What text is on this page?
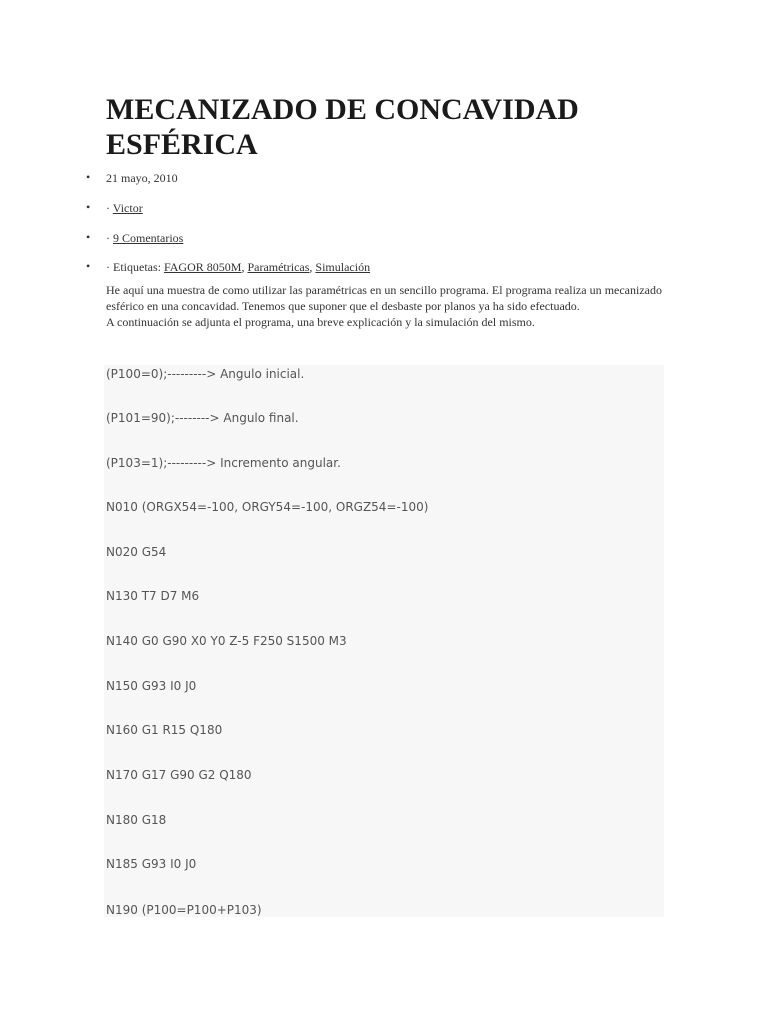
MECANIZADO DE CONCAVIDAD
ESFÉRICA
• 21 mayo, 2010
• · Victor
• · 9 Comentarios
• · Etiquetas: FAGOR 8050M, Paramétricas, Simulación

He aquí una muestra de como utilizar las paramétricas en un sencillo programa. El programa realiza un mecanizado esférico en una concavidad. Tenemos que suponer que el desbaste por planos ya ha sido efectuado.

A continuación se adjunta el programa, una breve explicación y la simulación del mismo.

(P100=0);---------> Angulo inicial.
(P101=90);--------> Angulo final.
(P103=1);---------> Incremento angular.
N010 (ORGX54=-100, ORGY54=-100, ORGZ54=-100)
N020 G54
N130 T7 D7 M6
N140 G0 G90 X0 Y0 Z-5 F250 S1500 M3
N150 G93 I0 J0
N160 G1 R15 Q180
N170 G17 G90 G2 Q180
N180 G18
N185 G93 I0 J0
N190 (P100=P100+P103)
